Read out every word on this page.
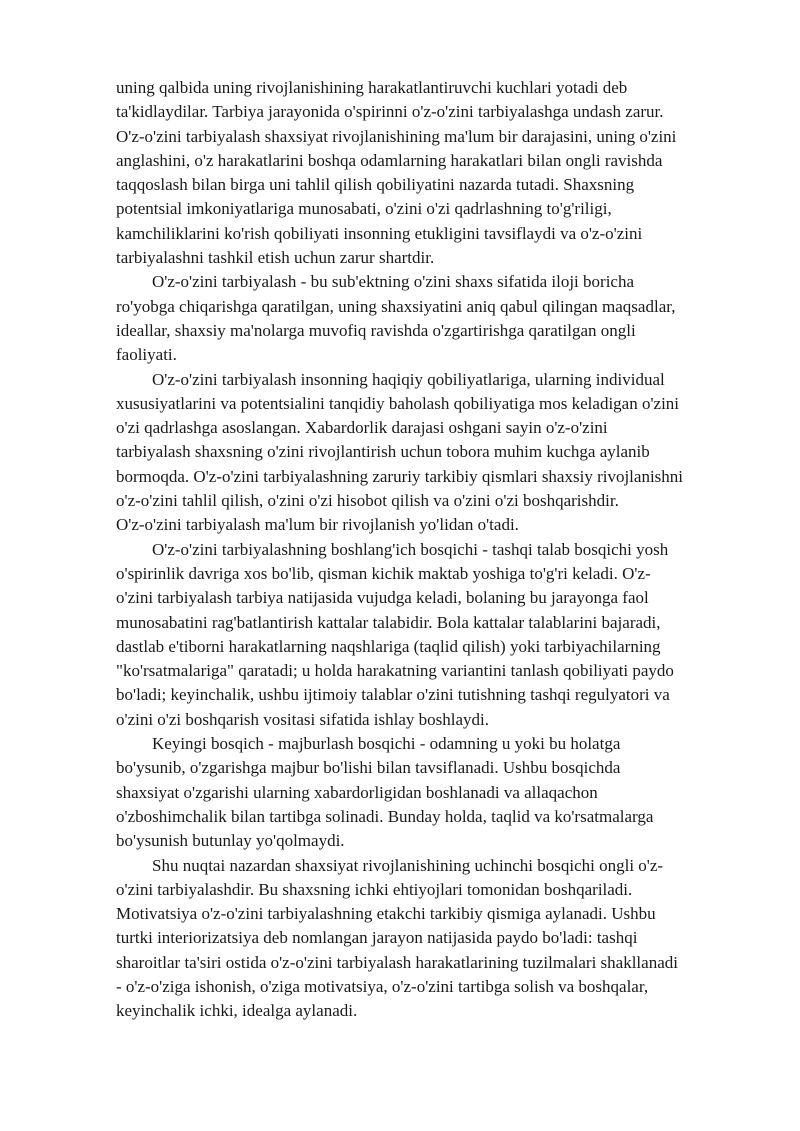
uning qalbida uning rivojlanishining harakatlantiruvchi kuchlari yotadi deb
ta'kidlaydilar. Tarbiya jarayonida o'spirinni o'z-o'zini tarbiyalashga undash zarur.
O'z-o'zini tarbiyalash shaxsiyat rivojlanishining ma'lum bir darajasini, uning o'zini
anglashini, o'z harakatlarini boshqa odamlarning harakatlari bilan ongli ravishda
taqqoslash bilan birga uni tahlil qilish qobiliyatini nazarda tutadi. Shaxsning
potentsial imkoniyatlariga munosabati, o'zini o'zi qadrlashning to'g'riligi,
kamchiliklarini ko'rish qobiliyati insonning etukligini tavsiflaydi va o'z-o'zini
tarbiyalashni tashkil etish uchun zarur shartdir.
O'z-o'zini tarbiyalash - bu sub'ektning o'zini shaxs sifatida iloji boricha
ro'yobga chiqarishga qaratilgan, uning shaxsiyatini aniq qabul qilingan maqsadlar,
ideallar, shaxsiy ma'nolarga muvofiq ravishda o'zgartirishga qaratilgan ongli
faoliyati.
O'z-o'zini tarbiyalash insonning haqiqiy qobiliyatlariga, ularning individual
xususiyatlarini va potentsialini tanqidiy baholash qobiliyatiga mos keladigan o'zini
o'zi qadrlashga asoslangan. Xabardorlik darajasi oshgani sayin o'z-o'zini
tarbiyalash shaxsning o'zini rivojlantirish uchun tobora muhim kuchga aylanib
bormoqda. O'z-o'zini tarbiyalashning zaruriy tarkibiy qismlari shaxsiy rivojlanishni
o'z-o'zini tahlil qilish, o'zini o'zi hisobot qilish va o'zini o'zi boshqarishdir.
O'z-o'zini tarbiyalash ma'lum bir rivojlanish yo'lidan o'tadi.
O'z-o'zini tarbiyalashning boshlang'ich bosqichi - tashqi talab bosqichi yosh
o'spirinlik davriga xos bo'lib, qisman kichik maktab yoshiga to'g'ri keladi. O'z-
o'zini tarbiyalash tarbiya natijasida vujudga keladi, bolaning bu jarayonga faol
munosabatini rag'batlantirish kattalar talabidir. Bola kattalar talablarini bajaradi,
dastlab e'tiborni harakatlarning naqshlariga (taqlid qilish) yoki tarbiyachilarning
"ko'rsatmalariga" qaratadi; u holda harakatning variantini tanlash qobiliyati paydo
bo'ladi; keyinchalik, ushbu ijtimoiy talablar o'zini tutishning tashqi regulyatori va
o'zini o'zi boshqarish vositasi sifatida ishlay boshlaydi.
Keyingi bosqich - majburlash bosqichi - odamning u yoki bu holatga
bo'ysunib, o'zgarishga majbur bo'lishi bilan tavsiflanadi. Ushbu bosqichda
shaxsiyat o'zgarishi ularning xabardorligidan boshlanadi va allaqachon
o'zboshimchalik bilan tartibga solinadi. Bunday holda, taqlid va ko'rsatmalarga
bo'ysunish butunlay yo'qolmaydi.
Shu nuqtai nazardan shaxsiyat rivojlanishining uchinchi bosqichi ongli o'z-
o'zini tarbiyalashdir. Bu shaxsning ichki ehtiyojlari tomonidan boshqariladi.
Motivatsiya o'z-o'zini tarbiyalashning etakchi tarkibiy qismiga aylanadi. Ushbu
turtki interiorizatsiya deb nomlangan jarayon natijasida paydo bo'ladi: tashqi
sharoitlar ta'siri ostida o'z-o'zini tarbiyalash harakatlarining tuzilmalari shakllanadi
- o'z-o'ziga ishonish, o'ziga motivatsiya, o'z-o'zini tartibga solish va boshqalar,
keyinchalik ichki, idealga aylanadi.
